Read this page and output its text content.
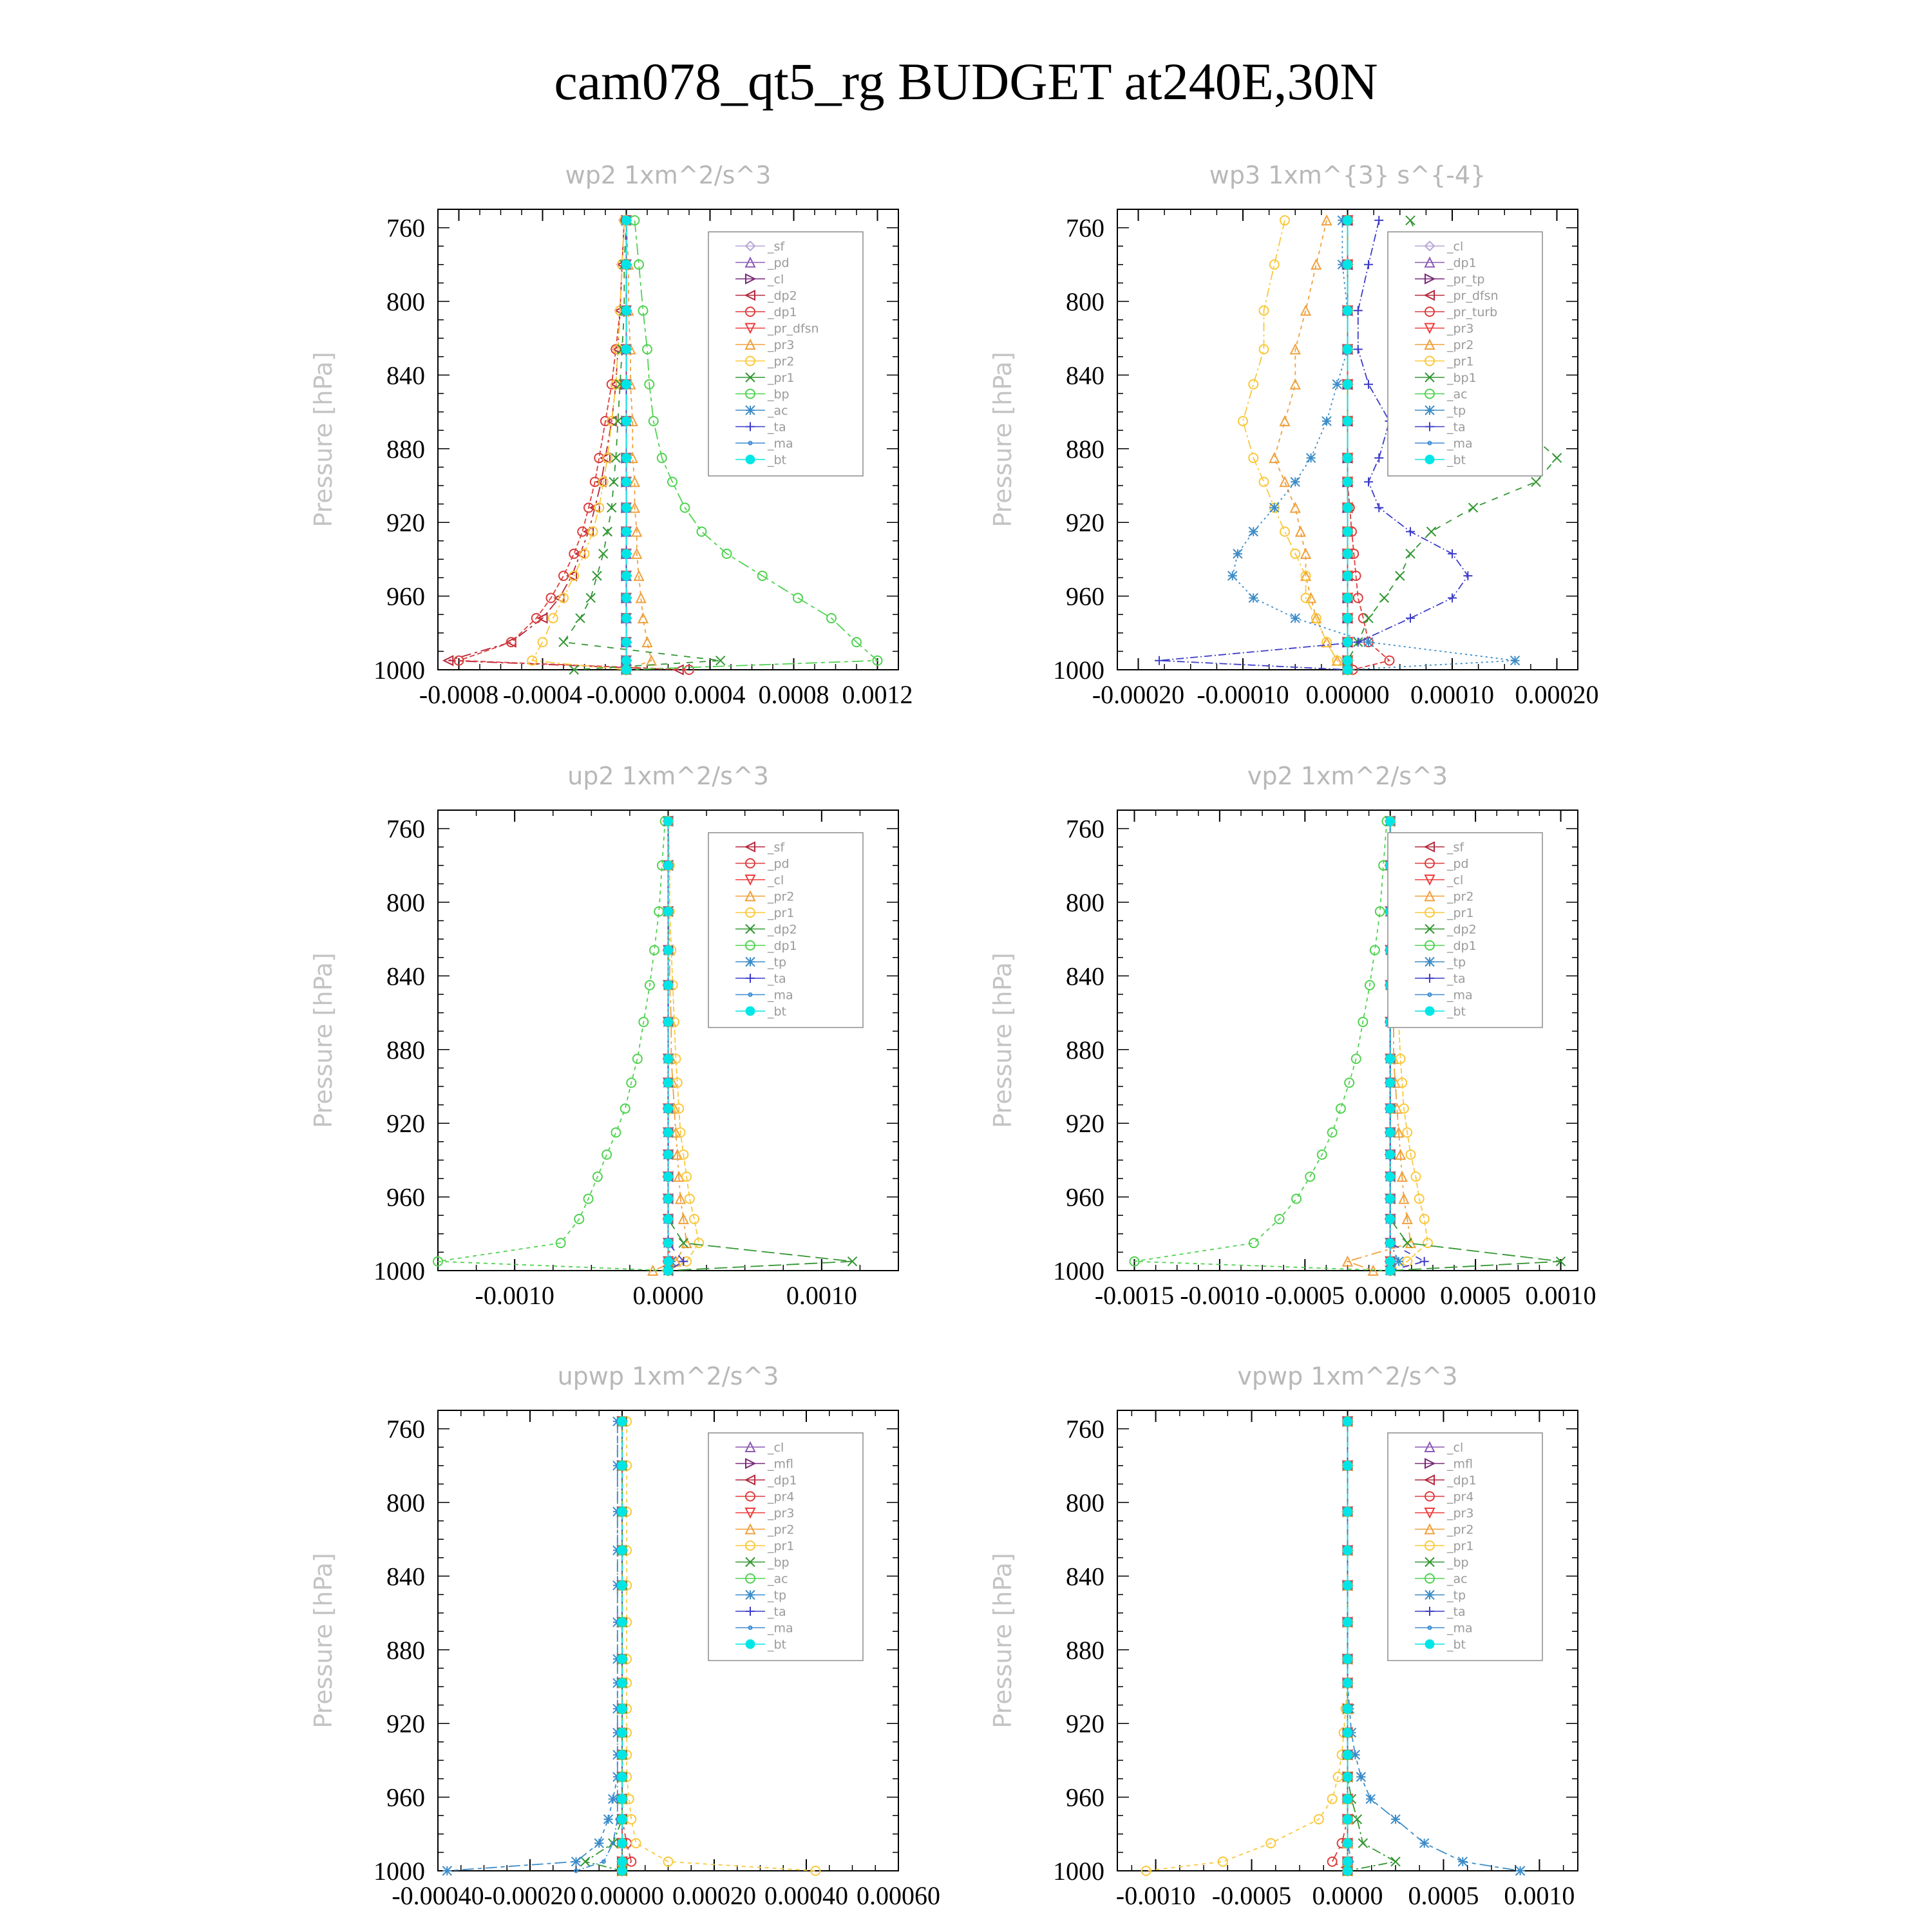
cam078_qt5_rg BUDGET at240E,30N
wp2 1xm^2/s^3
Pressure [hPa]
760
800
840
880
920
960
1000
-0.0008 -0.0004 -0.0000 0.0004 0.0008 0.0012
_sf
_pd
_cl
_dp2
_dp1
_pr_dfsn
_pr3
_pr2
_pr1
_bp
_ac
_ta
_ma
_bt
wp3 1xm^{3} s^{-4}
Pressure [hPa]
760
800
840
880
920
960
1000
-0.00020 -0.00010 0.00000 0.00010 0.00020
_cl
_dp1
_pr_tp
_pr_dfsn
_pr_turb
_pr3
_pr2
_pr1
_bp1
_ac
_tp
_ta
_ma
_bt
up2 1xm^2/s^3
Pressure [hPa]
760
800
840
880
920
960
1000
-0.0010	0.0000	0.0010
_sf
_pd
_cl
_pr2
_pr1
_dp2
_dp1
_tp
_ta
_ma
_bt
vp2 1xm^2/s^3
Pressure [hPa]
760
800
840
880
920
960
1000
-0.0015 -0.0010 -0.0005 0.0000 0.0005 0.0010
_sf
_pd
_cl
_pr2
_pr1
_dp2
_dp1
_tp
_ta
_ma
_bt
upwp 1xm^2/s^3
Pressure [hPa]
760
800
840
880
920
960
1000
-0.00040 -0.00020 0.00000 0.00020 0.00040 0.00060
_cl
_mfl
_dp1
_pr4
_pr3
_pr2
_pr1
_bp
_ac
_tp
_ta
_ma
_bt
vpwp 1xm^2/s^3
Pressure [hPa]
760
800
840
880
920
960
1000
-0.0010 -0.0005 0.0000 0.0005 0.0010
_cl
_mfl
_dp1
_pr4
_pr3
_pr2
_pr1
_bp
_ac
_tp
_ta
_ma
_bt
